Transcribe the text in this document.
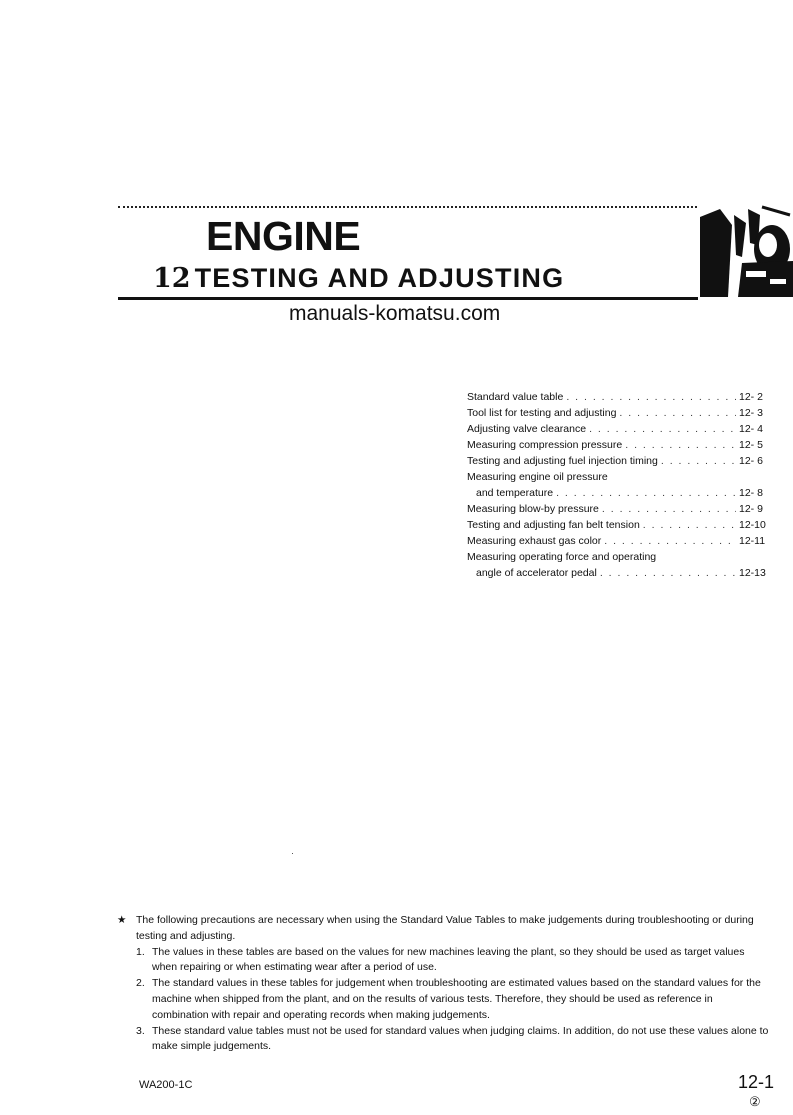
ENGINE
12 TESTING AND ADJUSTING

manuals-komatsu.com

Standard value table . . .	12- 2
Tool list for testing and adjusting . . .	12- 3
Adjusting valve clearance . . .	12- 4
Measuring compression pressure . . .	12- 5
Testing and adjusting fuel injection timing . . .	12- 6
Measuring engine oil pressure
and temperature . . .	12- 8
Measuring blow-by pressure . . .	12- 9
Testing and adjusting fan belt tension . . .	12-10
Measuring exhaust gas color . . .	12-11
Measuring operating force and operating
angle of accelerator pedal . . .	12-13
★ The following precautions are necessary when using the Standard Value Tables to make judgements during troubleshooting or during testing and adjusting.
1. The values in these tables are based on the values for new machines leaving the plant, so they should be used as target values when repairing or when estimating wear after a period of use.
2. The standard values in these tables for judgement when troubleshooting are estimated values based on the standard values for the machine when shipped from the plant, and on the results of various tests. Therefore, they should be used as reference in combination with repair and operating records when making judgements.
3. These standard value tables must not be used for standard values when judging claims. In addition, do not use these values alone to make simple judgements.

WA200-1C	12-1

②
